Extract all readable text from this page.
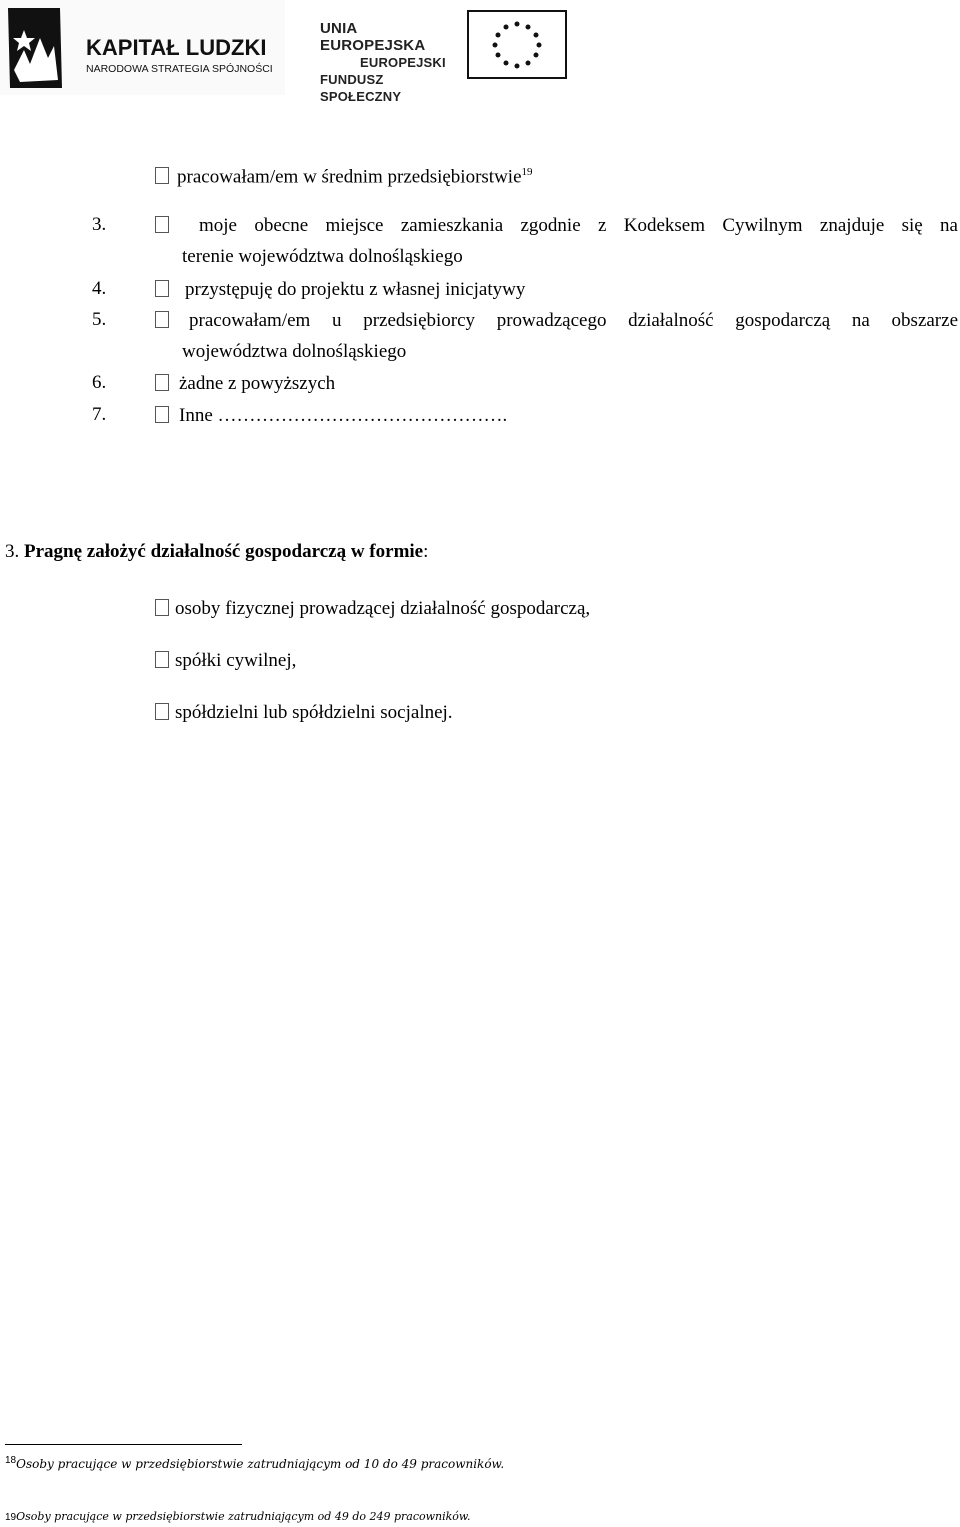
KAPITAŁ LUDZKI
NARODOWA STRATEGIA SPÓJNOŚCI
UNIA EUROPEJSKA
EUROPEJSKI
FUNDUSZ SPOŁECZNY
pracowałam/em w średnim przedsiębiorstwie$^{19}$
3.	moje obecne miejsce zamieszkania zgodnie z Kodeksem Cywilnym znajduje się na
terenie województwa dolnośląskiego
4.	przystępuję do projektu z własnej inicjatywy
5.	pracowałam/em u przedsiębiorcy prowadzącego działalność gospodarczą na obszarze
województwa dolnośląskiego
6.	żadne z powyższych
7.	Inne ……………………………………….
3. Pragnę założyć działalność gospodarczą w formie:
osoby fizycznej prowadzącej działalność gospodarczą,
spółki cywilnej,
spółdzielni lub spółdzielni socjalnej.
$^{18}$Osoby pracujące w przedsiębiorstwie zatrudniającym od 10 do 49 pracowników.
19Osoby pracujące w przedsiębiorstwie zatrudniającym od 49 do 249 pracowników.
